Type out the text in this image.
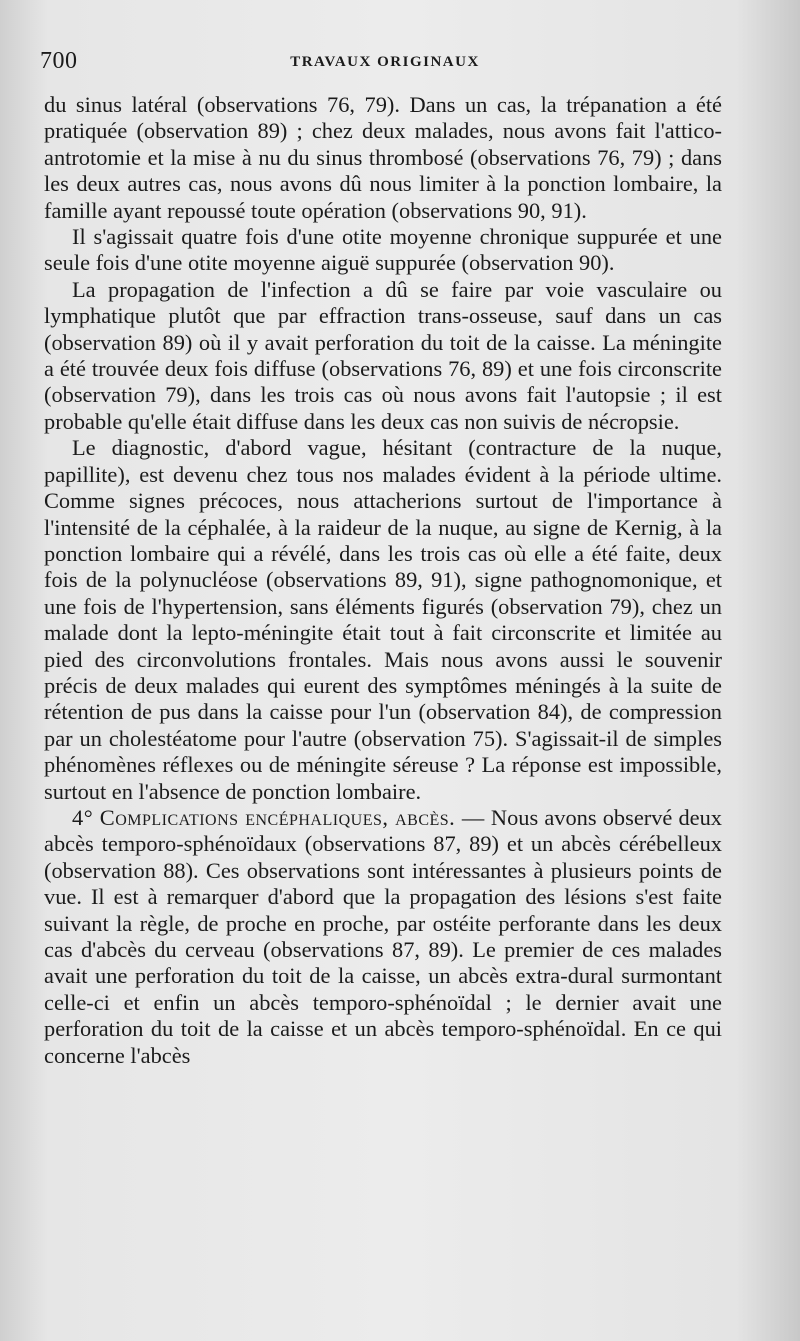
700	TRAVAUX ORIGINAUX

du sinus latéral (observations 76, 79). Dans un cas, la trépanation a été pratiquée (observation 89) ; chez deux malades, nous avons fait l'attico-antrotomie et la mise à nu du sinus thrombosé (observations 76, 79) ; dans les deux autres cas, nous avons dû nous limiter à la ponction lombaire, la famille ayant repoussé toute opération (observations 90, 91).

Il s'agissait quatre fois d'une otite moyenne chronique suppurée et une seule fois d'une otite moyenne aiguë suppurée (observation 90).

La propagation de l'infection a dû se faire par voie vasculaire ou lymphatique plutôt que par effraction trans-osseuse, sauf dans un cas (observation 89) où il y avait perforation du toit de la caisse. La méningite a été trouvée deux fois diffuse (observations 76, 89) et une fois circonscrite (observation 79), dans les trois cas où nous avons fait l'autopsie ; il est probable qu'elle était diffuse dans les deux cas non suivis de nécropsie.

Le diagnostic, d'abord vague, hésitant (contracture de la nuque, papillite), est devenu chez tous nos malades évident à la période ultime. Comme signes précoces, nous attacherions surtout de l'importance à l'intensité de la céphalée, à la raideur de la nuque, au signe de Kernig, à la ponction lombaire qui a révélé, dans les trois cas où elle a été faite, deux fois de la polynucléose (observations 89, 91), signe pathognomonique, et une fois de l'hypertension, sans éléments figurés (observation 79), chez un malade dont la lepto-méningite était tout à fait circonscrite et limitée au pied des circonvolutions frontales. Mais nous avons aussi le souvenir précis de deux malades qui eurent des symptômes méningés à la suite de rétention de pus dans la caisse pour l'un (observation 84), de compression par un cholestéatome pour l'autre (observation 75). S'agissait-il de simples phénomènes réflexes ou de méningite séreuse ? La réponse est impossible, surtout en l'absence de ponction lombaire.

4° Complications encéphaliques, abcès. — Nous avons observé deux abcès temporo-sphénoïdaux (observations 87, 89) et un abcès cérébelleux (observation 88). Ces observations sont intéressantes à plusieurs points de vue. Il est à remarquer d'abord que la propagation des lésions s'est faite suivant la règle, de proche en proche, par ostéite perforante dans les deux cas d'abcès du cerveau (observations 87, 89). Le premier de ces malades avait une perforation du toit de la caisse, un abcès extra-dural surmontant celle-ci et enfin un abcès temporo-sphénoïdal ; le dernier avait une perforation du toit de la caisse et un abcès temporo-sphénoïdal. En ce qui concerne l'abcès
